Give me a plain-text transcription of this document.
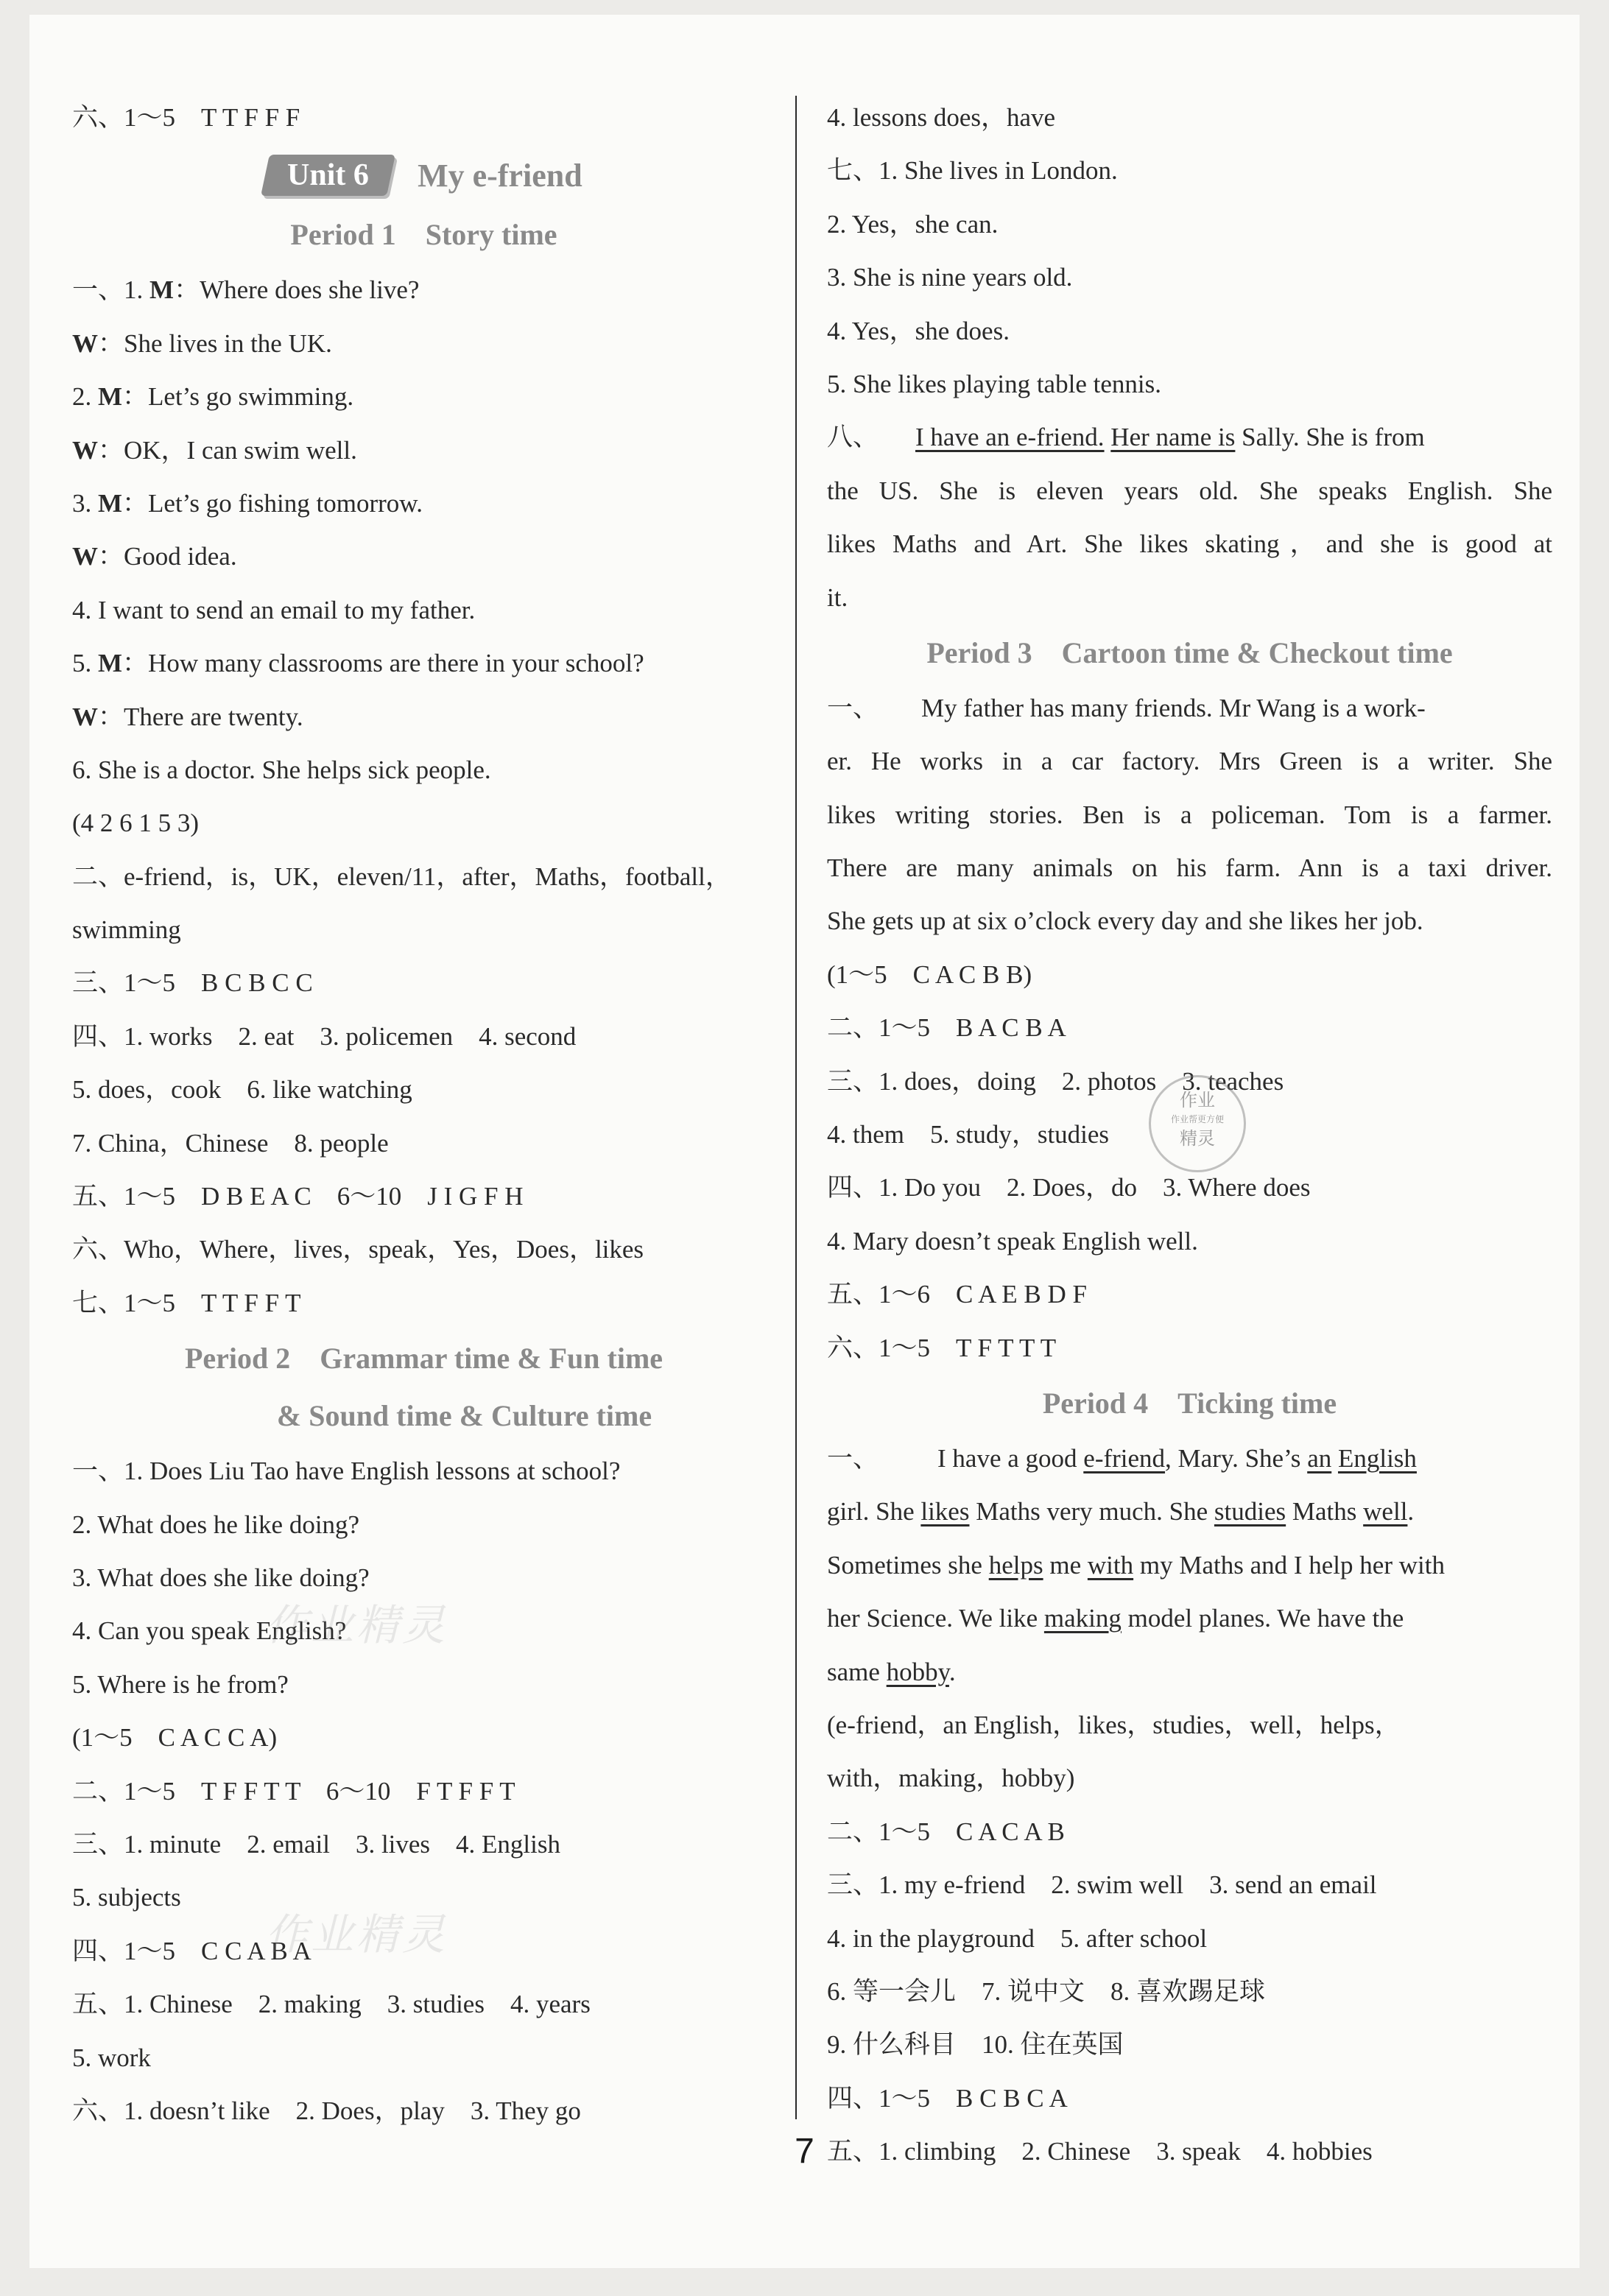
六、1～5　T T F F F
Unit 6	My e-friend
Period 1　Story time
一、1. M：Where does she live?
W：She lives in the UK.
2. M：Let’s go swimming.
W：OK，I can swim well.
3. M：Let’s go fishing tomorrow.
W：Good idea.
4. I want to send an email to my father.
5. M：How many classrooms are there in your school?
W：There are twenty.
6. She is a doctor. She helps sick people.
(4 2 6 1 5 3)
二、e-friend，is，UK，eleven/11，after，Maths，football，
swimming
三、1～5　B C B C C
四、1. works　2. eat　3. policemen　4. second
5. does，cook　6. like watching
7. China，Chinese　8. people
五、1～5　D B E A C　6～10　J I G F H
六、Who，Where，lives，speak，Yes，Does，likes
七、1～5　T T F F T
Period 2　Grammar time & Fun time
& Sound time & Culture time
一、1. Does Liu Tao have English lessons at school?
2. What does he like doing?
3. What does she like doing?
4. Can you speak English?
5. Where is he from?
(1～5　C A C C A)
二、1～5　T F F T T　6～10　F T F F T
三、1. minute　2. email　3. lives　4. English
5. subjects
四、1～5　C C A B A
五、1. Chinese　2. making　3. studies　4. years
5. work
六、1. doesn’t like　2. Does，play　3. They go
4. lessons does，have
七、1. She lives in London.
2. Yes，she can.
3. She is nine years old.
4. Yes，she does.
5. She likes playing table tennis.
八、 I have an e-friend. Her name is Sally. She is from
the US. She is eleven years old. She speaks English. She
likes Maths and Art. She likes skating，and she is good at
it.
Period 3　Cartoon time & Checkout time
一、 My father has many friends. Mr Wang is a work-
er. He works in a car factory. Mrs Green is a writer. She
likes writing stories. Ben is a policeman. Tom is a farmer.
There are many animals on his farm. Ann is a taxi driver.
She gets up at six o’clock every day and she likes her job.
(1～5　C A C B B)
二、1～5　B A C B A
三、1. does，doing　2. photos　3. teaches
4. them　5. study，studies
四、1. Do you　2. Does，do　3. Where does
4. Mary doesn’t speak English well.
五、1～6　C A E B D F
六、1～5　T F T T T
Period 4　Ticking time
一、 I have a good e-friend, Mary. She’s an English
girl. She likes Maths very much. She studies Maths well.
Sometimes she helps me with my Maths and I help her with
her Science. We like making model planes. We have the
same hobby.
(e-friend，an English，likes，studies，well，helps，
with，making，hobby)
二、1～5　C A C A B
三、1. my e-friend　2. swim well　3. send an email
4. in the playground　5. after school
6. 等一会儿　7. 说中文　8. 喜欢踢足球
9. 什么科目　10. 住在英国
四、1～5　B C B C A
五、1. climbing　2. Chinese　3. speak　4. hobbies
作业
作业帮更方便
精灵
作业精灵
作业精灵
7
